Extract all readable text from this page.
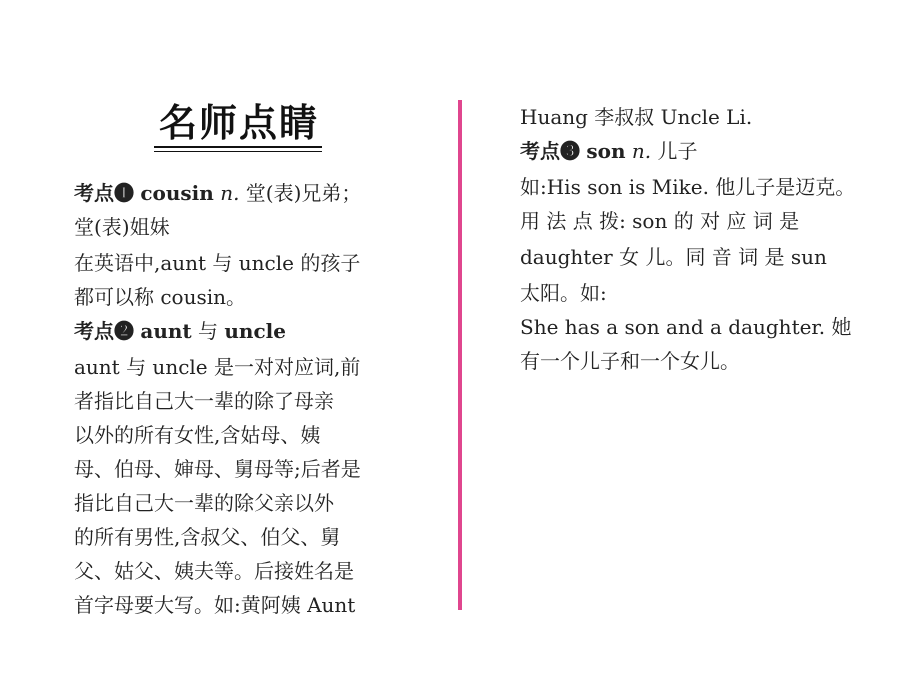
名师点睛
考点❶ cousin n. 堂(表)兄弟；
堂(表)姐妹
在英语中,aunt 与 uncle 的孩子
都可以称 cousin。
考点❷ aunt 与 uncle
aunt 与 uncle 是一对对应词,前
者指比自己大一辈的除了母亲
以外的所有女性,含姑母、姨
母、伯母、婶母、舅母等;后者是
指比自己大一辈的除父亲以外
的所有男性,含叔父、伯父、舅
父、姑父、姨夫等。后接姓名是
首字母要大写。如:黄阿姨 Aunt
Huang 李叔叔 Uncle Li.
考点❸ son n. 儿子
如:His son is Mike. 他儿子是迈克。
用 法 点 拨: son 的 对 应 词 是
daughter 女 儿。同 音 词 是 sun
太阳。如:
She has a son and a daughter. 她
有一个儿子和一个女儿。
